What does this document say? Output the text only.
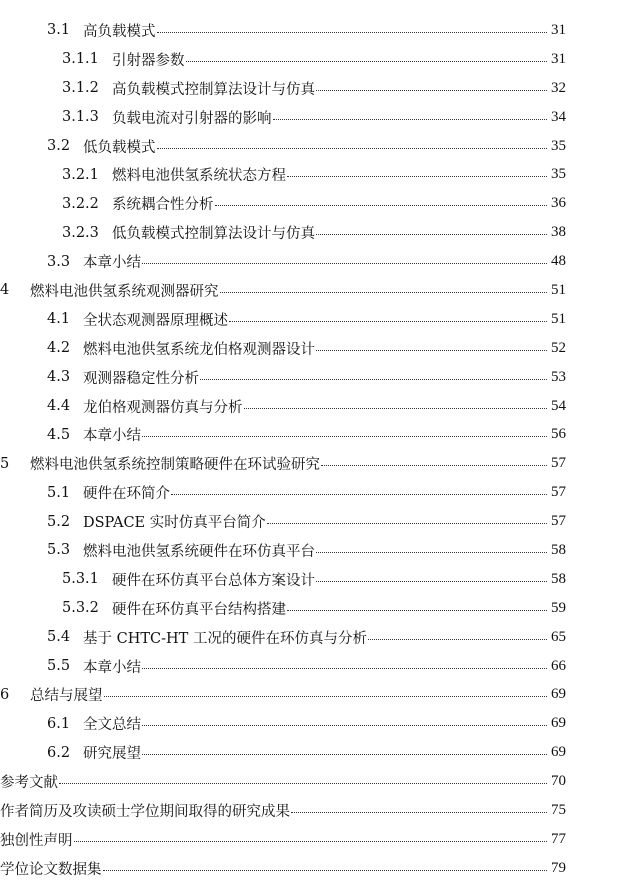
3.1 高负载模式	31
3.1.1 引射器参数	31
3.1.2 高负载模式控制算法设计与仿真	32
3.1.3 负载电流对引射器的影响	34
3.2 低负载模式	35
3.2.1 燃料电池供氢系统状态方程	35
3.2.2 系统耦合性分析	36
3.2.3 低负载模式控制算法设计与仿真	38
3.3 本章小结	48
4	燃料电池供氢系统观测器研究	51
4.1 全状态观测器原理概述	51
4.2 燃料电池供氢系统龙伯格观测器设计	52
4.3 观测器稳定性分析	53
4.4 龙伯格观测器仿真与分析	54
4.5 本章小结	56
5	燃料电池供氢系统控制策略硬件在环试验研究	57
5.1 硬件在环简介	57
5.2 DSPACE 实时仿真平台简介	57
5.3 燃料电池供氢系统硬件在环仿真平台	58
5.3.1 硬件在环仿真平台总体方案设计	58
5.3.2 硬件在环仿真平台结构搭建	59
5.4 基于 CHTC-HT 工况的硬件在环仿真与分析	65
5.5 本章小结	66
6	总结与展望	69
6.1 全文总结	69
6.2 研究展望	69
参考文献	70
作者简历及攻读硕士学位期间取得的研究成果	75
独创性声明	77
学位论文数据集	79
